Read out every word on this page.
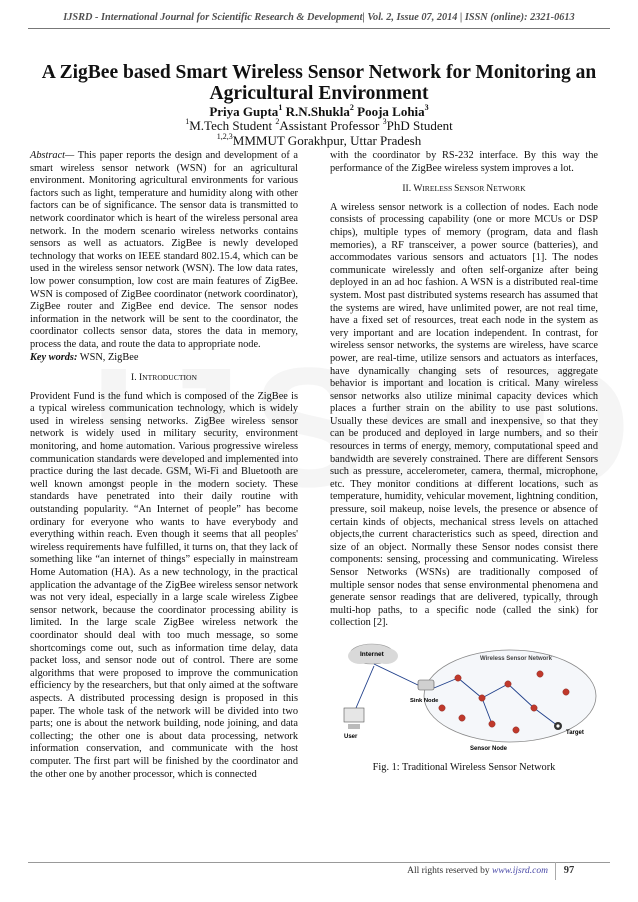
IJSRD - International Journal for Scientific Research & Development| Vol. 2, Issue 07, 2014 | ISSN (online): 2321-0613
A ZigBee based Smart Wireless Sensor Network for Monitoring an Agricultural Environment
Priya Gupta$^1$ R.N.Shukla$^2$ Pooja Lohia$^3$
$^1$M.Tech Student $^2$Assistant Professor $^3$PhD Student
$^{1,2,3}$MMMUT Gorakhpur, Uttar Pradesh

Abstract— This paper reports the design and development of a smart wireless sensor network (WSN) for an agricultural environment. Monitoring agricultural environments for various factors such as light, temperature and humidity along with other factors can be of significance. The sensor data is transmitted to network coordinator which is heart of the wireless personal area network. In the modern scenario wireless networks contains sensors as well as actuators. ZigBee is newly developed technology that works on IEEE standard 802.15.4, which can be used in the wireless sensor network (WSN). The low data rates, low power consumption, low cost are main features of ZigBee. WSN is composed of ZigBee coordinator (network coordinator), ZigBee router and ZigBee end device. The sensor nodes information in the network will be sent to the coordinator, the coordinator collects sensor data, stores the data in memory, process the data, and route the data to appropriate node.

Key words: WSN, ZigBee

I. INTRODUCTION

Provident Fund is the fund which is composed of the ZigBee is a typical wireless communication technology, which is widely used in wireless sensing networks. ZigBee wireless sensor network is widely used in military security, environment monitoring, and home automation. Various progressive wireless communication standards were developed and implemented into practice during the last decade. GSM, Wi-Fi and Bluetooth are well known amongst people in the modern society. These standards have penetrated into their daily routine with outstanding popularity. “An Internet of people” has become ordinary for everyone who wants to have everybody and everything within reach. Even though it seems that all peoples' wireless requirements have fulfilled, it turns on, that they lack of something like “an internet of things” especially in mainstream Home Automation (HA). As a new technology, in the practical application the advantage of the ZigBee wireless sensor network was not very ideal, especially in a large scale wireless Zigbee sensor network, because the coordinator processing ability is limited. In the large scale ZigBee wireless network the coordinator should deal with too much message, so some shortcomings come out, such as information time delay, data packet loss, and sensor node out of control. There are some algorithms that were proposed to improve the communication efficiency by the researchers, but that only aimed at the software aspects. A distributed processing design is proposed in this paper. The whole task of the network will be divided into two parts; one is about the network building, node joining, and data collecting; the other one is about data processing, network information conservation, and communicate with the host computer. The first part will be finished by the coordinator and the other one by another processor, which is connected

with the coordinator by RS-232 interface. By this way the performance of the ZigBee wireless system improves a lot.

II. WIRELESS SENSOR NETWORK

A wireless sensor network is a collection of nodes. Each node consists of processing capability (one or more MCUs or DSP chips), multiple types of memory (program, data and flash memories), a RF transceiver, a power source (batteries), and accommodates various sensors and actuators [1]. The nodes communicate wirelessly and often self-organize after being deployed in an ad hoc fashion. A WSN is a distributed real-time system. Most past distributed systems research has assumed that the systems are wired, have unlimited power, are not real time, have a fixed set of resources, treat each node in the system as very important and are location independent. In contrast, for wireless sensor networks, the systems are wireless, have scarce power, are real-time, utilize sensors and actuators as interfaces, have dynamically changing sets of resources, aggregate behavior is important and location is critical. Many wireless sensor networks also utilize minimal capacity devices which places a further strain on the ability to use past solutions. Usually these devices are small and inexpensive, so that they can be produced and deployed in large numbers, and so their resources in terms of energy, memory, computational speed and bandwidth are severely constrained. There are different Sensors such as pressure, accelerometer, camera, thermal, microphone, etc. They monitor conditions at different locations, such as temperature, humidity, vehicular movement, lightning condition, pressure, soil makeup, noise levels, the presence or absence of certain kinds of objects, mechanical stress levels on attached objects,the current characteristics such as speed, direction and size of an object. Normally these Sensor nodes consist there components: sensing, processing and communicating. Wireless Sensor Networks (WSNs) are traditionally composed of multiple sensor nodes that sense environmental phenomena and generate sensor readings that are delivered, typically, through multi-hop paths, to a specific node (called the sink) for collection [2].

Internet
Wireless Sensor Network
Sink Node
User
Target
Sensor Node
Fig. 1: Traditional Wireless Sensor Network
All rights reserved by www.ijsrd.com	97
